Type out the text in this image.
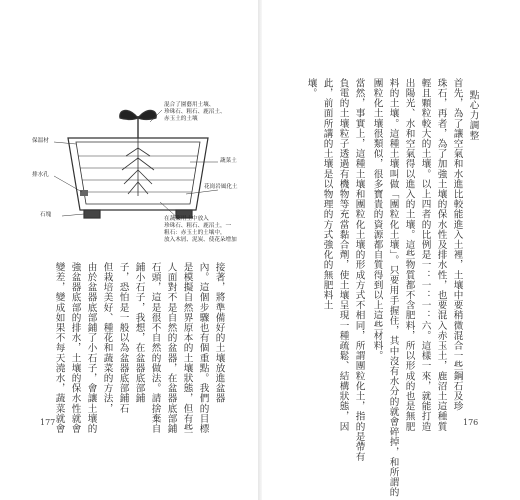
點心力調整
首先，為了讓空氣和水進比較能進入土裡，土壤中要稍微混合一些鋼石及珍
珠石，再者，為了加強土壤的保水性及排水性，也要混入赤玉土，鹿沼土這種質
輕且顆粒較大的土壤。以上四者的比例是一：一：一：六。這樣一來，就能打造
出陽光、水和空氣得以進入的土壤。這些物質都不含肥料，所以形成的也是無肥
料的土壤。這種土壤叫做「團粒化土壤」。只要用手握住，其中沒有水分的就會碎掉，和所謂的
團粒化土壤很類似，很多寶貴的資源都自質得到以上這些材料。
當然，事實上，這種土壤和團粒化土壤的形成方式不相同，所謂團粒化土，指的是帶有
負電的土壤粒子透過有機物等充當黏合劑，使土壤呈現一種疏鬆、結構狀態，因
此，前面所講的土壤是以物理的方式強化的無肥料土
壤。
176
接著，將準備好的土壤放進盆器
內。這個步驟也有個重點。我們的目標
是模擬自然界原本的土壤狀態，但有些
人面對不是自然的盆器，在盆器底部鋪
石頭，這是很不自然的做法。請捨棄自
鋪小石子，我想，在盆器底部鋪
子，恐怕是一般以為盆器底部鋪石
但栽培美好、種花和蔬菜的方法，
由於盆器底部鋪了小石子，會讓土壤的
強盆器底部的排水，土壤的保水性就會
變差，變成如果不每天澆水，蔬菜就會
177
混合了園藝用土壤、
珍珠石、粗石、鹿沼土、
赤玉土的土壤
保溫材
排水孔
石塊
蔬菜土
花崗岩風化土
在蔬菜用土中放入
珍珠石、粗石、鹿沼土，一
粗石：赤玉土的土壤中，
放入木屑、泥炭、使花朵增加
